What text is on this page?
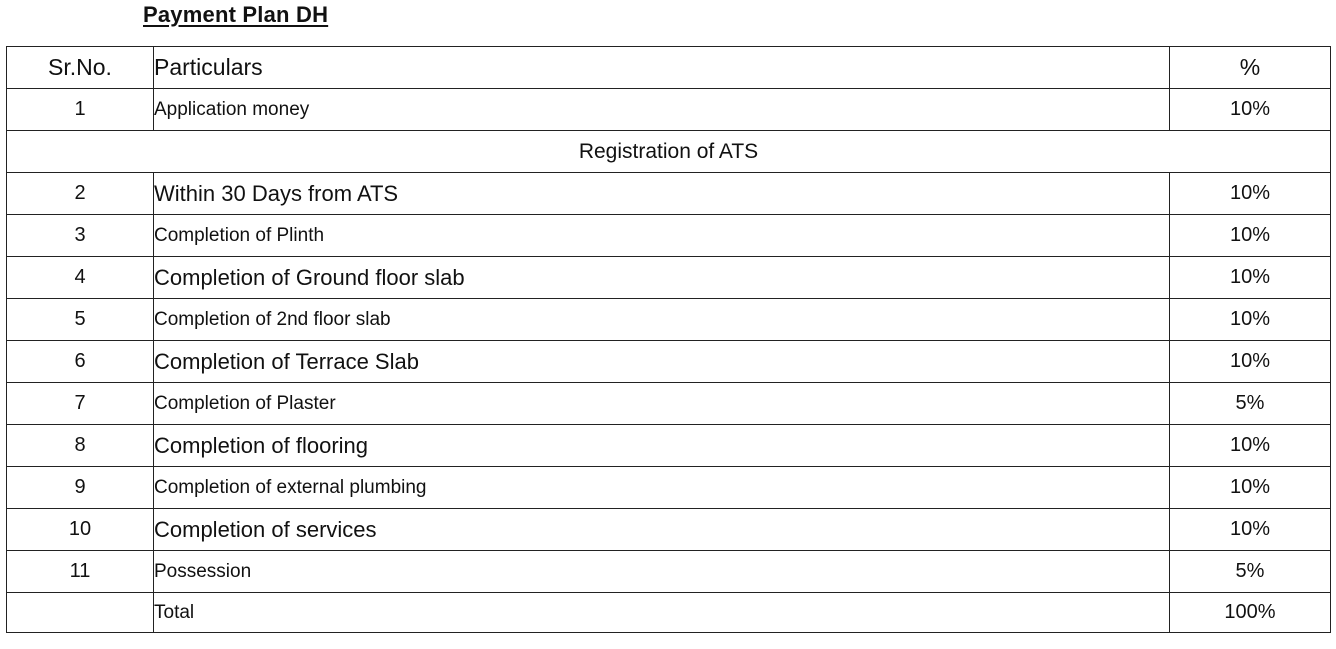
Payment Plan DH
Sr.No.	Particulars	%
1	Application money	10%
Registration of ATS		
2	Within 30 Days from ATS	10%
3	Completion of Plinth	10%
4	Completion of Ground floor slab	10%
5	Completion of 2nd floor slab	10%
6	Completion of Terrace Slab	10%
7	Completion of Plaster	5%
8	Completion of flooring	10%
9	Completion of external plumbing	10%
10	Completion of services	10%
11	Possession	5%
	Total	100%
